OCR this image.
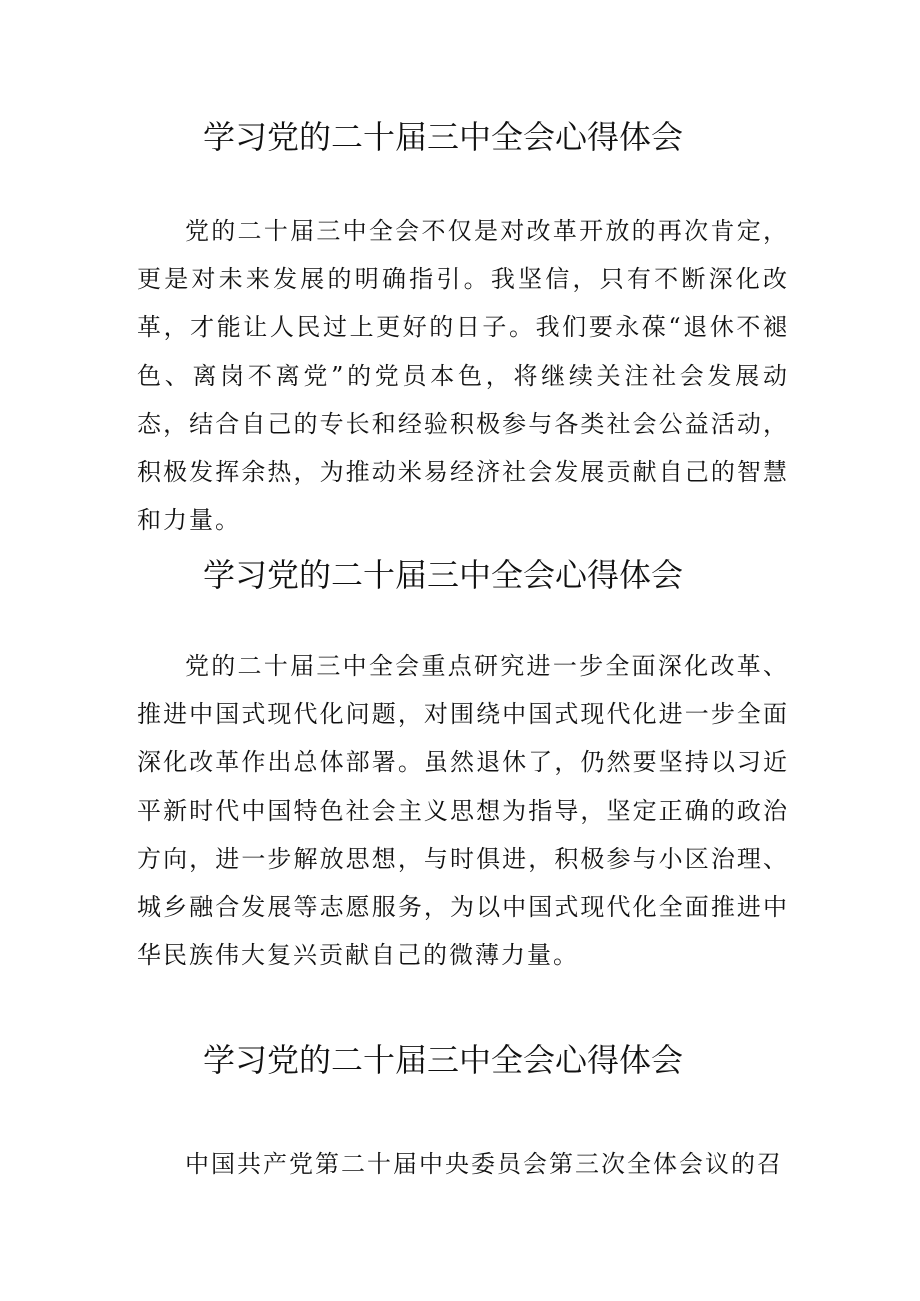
学习党的二十届三中全会心得体会

党的二十届三中全会不仅是对改革开放的再次肯定，更是对未来发展的明确指引。我坚信，只有不断深化改革，才能让人民过上更好的日子。我们要永葆“退休不褪色、离岗不离党”的党员本色，将继续关注社会发展动态，结合自己的专长和经验积极参与各类社会公益活动，积极发挥余热，为推动米易经济社会发展贡献自己的智慧和力量。

学习党的二十届三中全会心得体会

党的二十届三中全会重点研究进一步全面深化改革、推进中国式现代化问题，对围绕中国式现代化进一步全面深化改革作出总体部署。虽然退休了，仍然要坚持以习近平新时代中国特色社会主义思想为指导，坚定正确的政治方向，进一步解放思想，与时俱进，积极参与小区治理、城乡融合发展等志愿服务，为以中国式现代化全面推进中华民族伟大复兴贡献自己的微薄力量。

学习党的二十届三中全会心得体会

中国共产党第二十届中央委员会第三次全体会议的召
